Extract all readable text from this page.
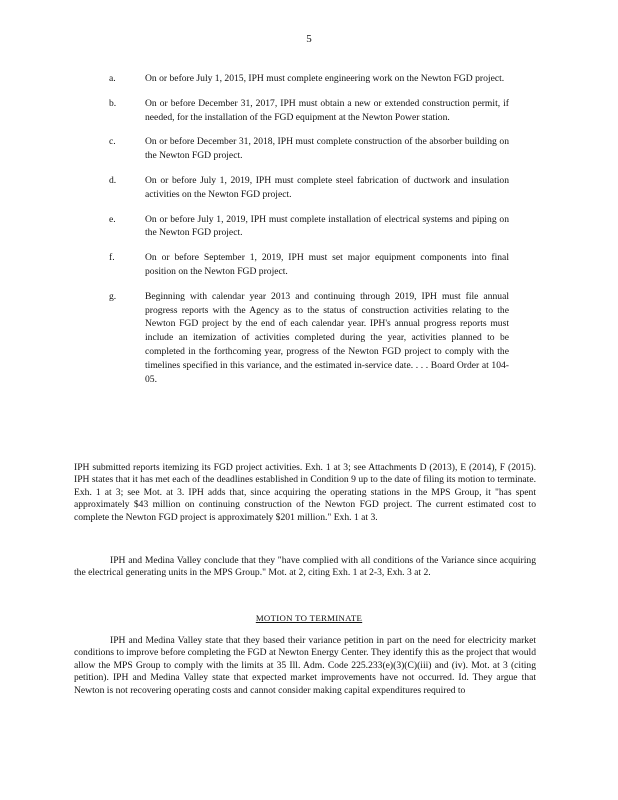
5
a.	On or before July 1, 2015, IPH must complete engineering work on the Newton FGD project.
b.	On or before December 31, 2017, IPH must obtain a new or extended construction permit, if needed, for the installation of the FGD equipment at the Newton Power station.
c.	On or before December 31, 2018, IPH must complete construction of the absorber building on the Newton FGD project.
d.	On or before July 1, 2019, IPH must complete steel fabrication of ductwork and insulation activities on the Newton FGD project.
e.	On or before July 1, 2019, IPH must complete installation of electrical systems and piping on the Newton FGD project.
f.	On or before September 1, 2019, IPH must set major equipment components into final position on the Newton FGD project.
g.	Beginning with calendar year 2013 and continuing through 2019, IPH must file annual progress reports with the Agency as to the status of construction activities relating to the Newton FGD project by the end of each calendar year. IPH's annual progress reports must include an itemization of activities completed during the year, activities planned to be completed in the forthcoming year, progress of the Newton FGD project to comply with the timelines specified in this variance, and the estimated in-service date. . . . Board Order at 104-05.
IPH submitted reports itemizing its FGD project activities. Exh. 1 at 3; see Attachments D (2013), E (2014), F (2015). IPH states that it has met each of the deadlines established in Condition 9 up to the date of filing its motion to terminate. Exh. 1 at 3; see Mot. at 3. IPH adds that, since acquiring the operating stations in the MPS Group, it "has spent approximately $43 million on continuing construction of the Newton FGD project. The current estimated cost to complete the Newton FGD project is approximately $201 million." Exh. 1 at 3.
IPH and Medina Valley conclude that they "have complied with all conditions of the Variance since acquiring the electrical generating units in the MPS Group." Mot. at 2, citing Exh. 1 at 2-3, Exh. 3 at 2.
MOTION TO TERMINATE
IPH and Medina Valley state that they based their variance petition in part on the need for electricity market conditions to improve before completing the FGD at Newton Energy Center. They identify this as the project that would allow the MPS Group to comply with the limits at 35 Ill. Adm. Code 225.233(e)(3)(C)(iii) and (iv). Mot. at 3 (citing petition). IPH and Medina Valley state that expected market improvements have not occurred. Id. They argue that Newton is not recovering operating costs and cannot consider making capital expenditures required to
